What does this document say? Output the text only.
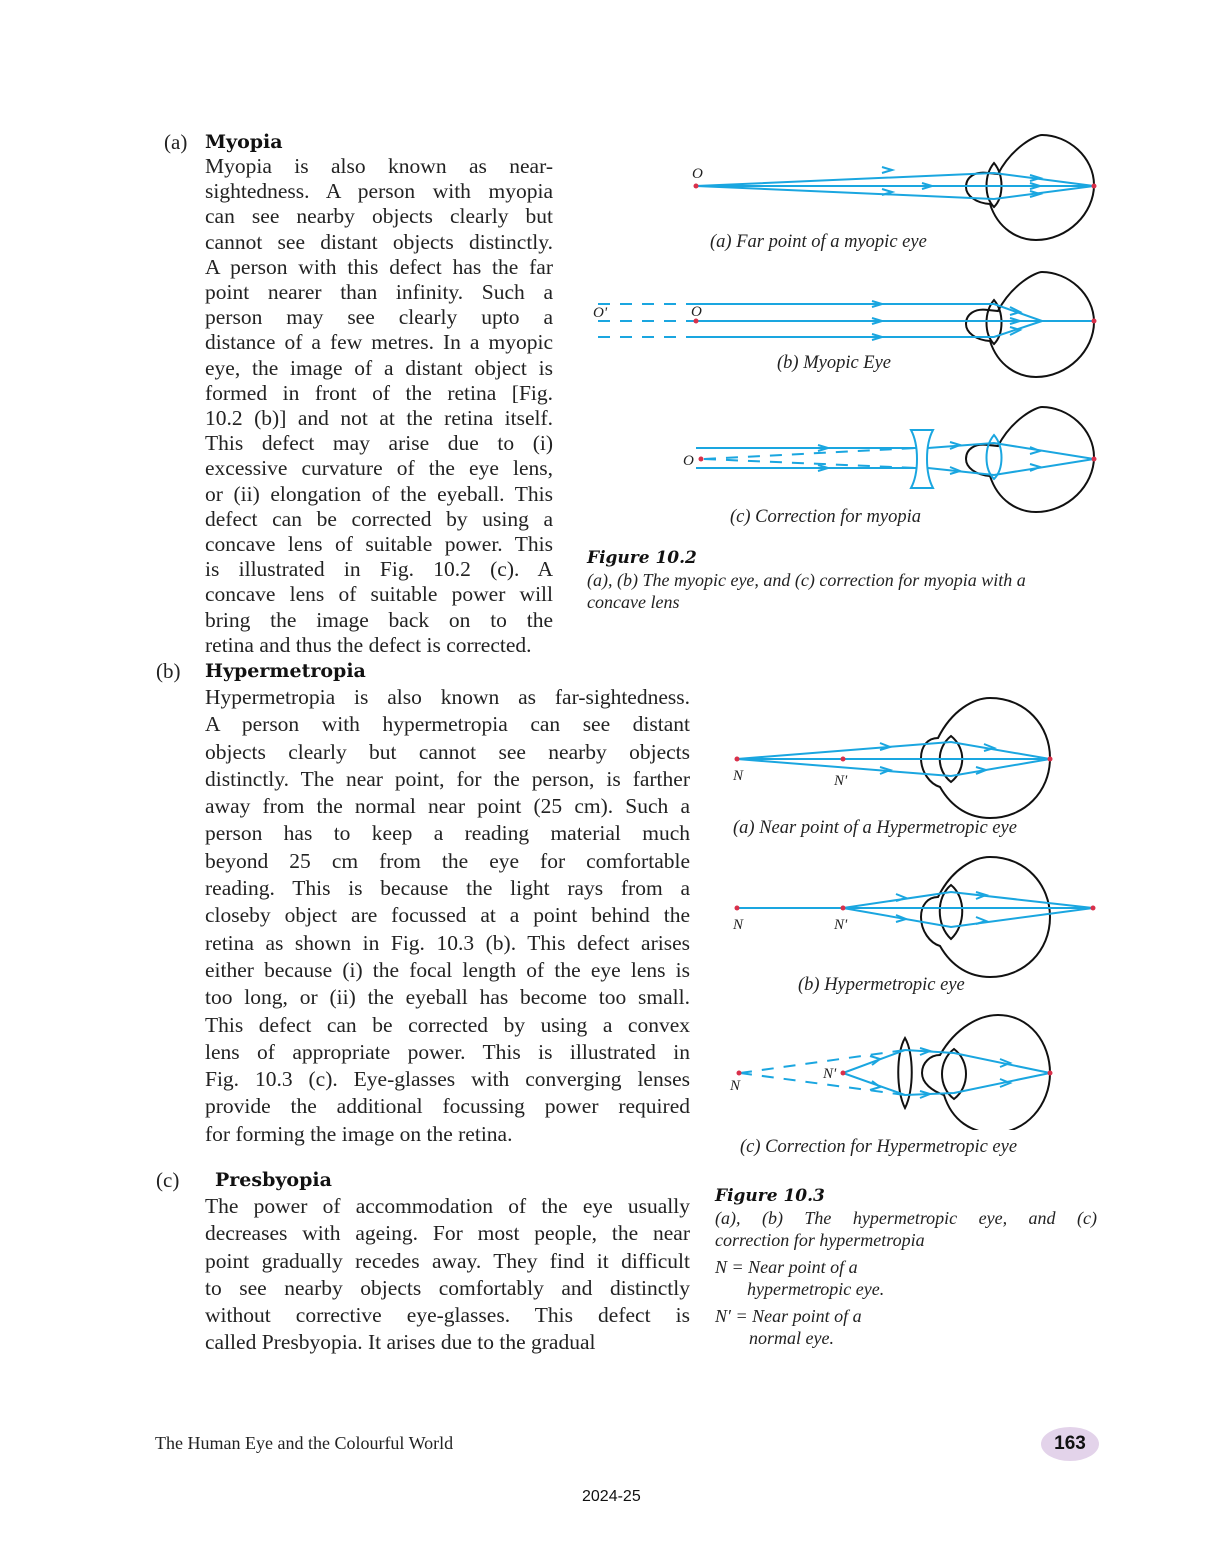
(a) Myopia
Myopia is also known as near-
sightedness. A person with myopia
can see nearby objects clearly but
cannot see distant objects distinctly.
A person with this defect has the far
point nearer than infinity. Such a
person may see clearly upto a
distance of a few metres. In a myopic
eye, the image of a distant object is
formed in front of the retina [Fig.
10.2 (b)] and not at the retina itself.
This defect may arise due to (i)
excessive curvature of the eye lens,
or (ii) elongation of the eyeball. This
defect can be corrected by using a
concave lens of suitable power. This
is illustrated in Fig. 10.2 (c). A
concave lens of suitable power will
bring the image back on to the
retina and thus the defect is corrected.
(b) Hypermetropia
Hypermetropia is also known as far-sightedness.
A person with hypermetropia can see distant
objects clearly but cannot see nearby objects
distinctly. The near point, for the person, is farther
away from the normal near point (25 cm). Such a
person has to keep a reading material much
beyond 25 cm from the eye for comfortable
reading. This is because the light rays from a
closeby object are focussed at a point behind the
retina as shown in Fig. 10.3 (b). This defect arises
either because (i) the focal length of the eye lens is
too long, or (ii) the eyeball has become too small.
This defect can be corrected by using a convex
lens of appropriate power. This is illustrated in
Fig. 10.3 (c). Eye-glasses with converging lenses
provide the additional focussing power required
for forming the image on the retina.
(c) Presbyopia
The power of accommodation of the eye usually
decreases with ageing. For most people, the near
point gradually recedes away. They find it difficult
to see nearby objects comfortably and distinctly
without corrective eye-glasses. This defect is
called Presbyopia. It arises due to the gradual
O
O'	O
O
(a) Far point of a myopic eye
(b) Myopic Eye
(c) Correction for myopia
Figure 10.2
(a), (b) The myopic eye, and (c) correction for myopia with a
concave lens
N	N'
N	N'
N
N'
(a) Near point of a Hypermetropic eye
(b) Hypermetropic eye
(c) Correction for Hypermetropic eye
Figure 10.3
(a), (b) The hypermetropic eye, and (c)
correction for hypermetropia
N = Near point of a
hypermetropic eye.
N′ = Near point of a
normal eye.
The Human Eye and the Colourful World	163
2024-25
